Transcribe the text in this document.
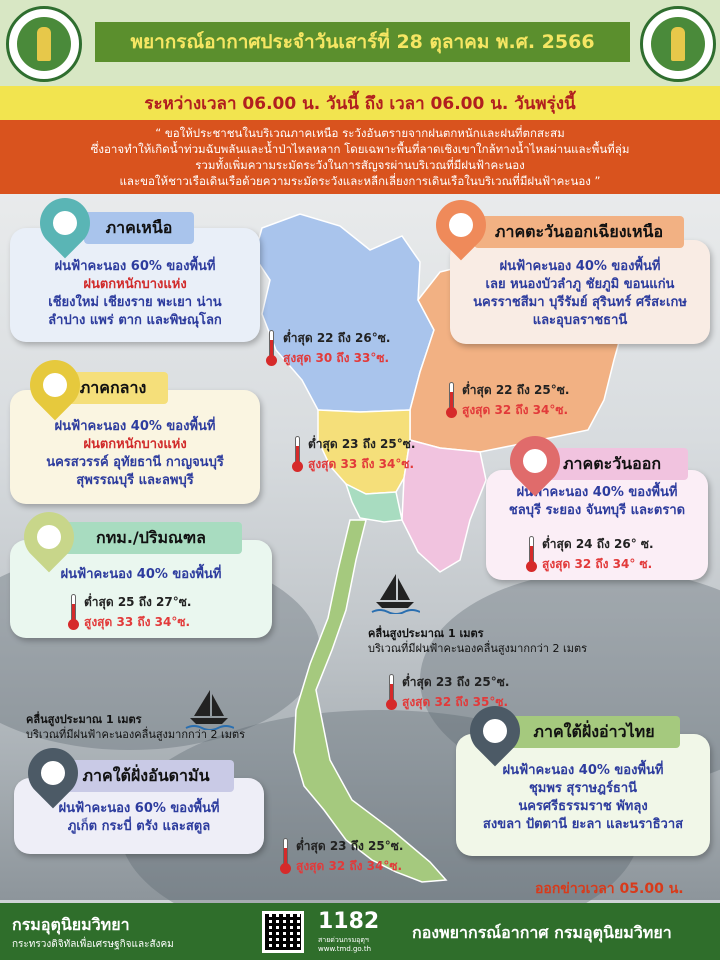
พยากรณ์อากาศประจำวันเสาร์ที่ 28 ตุลาคม พ.ศ. 2566
ระหว่างเวลา 06.00 น. วันนี้ ถึง เวลา 06.00 น. วันพรุ่งนี้
“ ขอให้ประชาชนในบริเวณภาคเหนือ ระวังอันตรายจากฝนตกหนักและฝนที่ตกสะสม
ซึ่งอาจทำให้เกิดน้ำท่วมฉับพลันและน้ำป่าไหลหลาก โดยเฉพาะพื้นที่ลาดเชิงเขาใกล้ทางน้ำไหลผ่านและพื้นที่ลุ่ม
รวมทั้งเพิ่มความระมัดระวังในการสัญจรผ่านบริเวณที่มีฝนฟ้าคะนอง
และขอให้ชาวเรือเดินเรือด้วยความระมัดระวังและหลีกเลี่ยงการเดินเรือในบริเวณที่มีฝนฟ้าคะนอง ”
ฝนฟ้าคะนอง 60% ของพื้นที่
ฝนตกหนักบางแห่ง
เชียงใหม่ เชียงราย พะเยา น่าน
ลำปาง แพร่ ตาก และพิษณุโลก
ภาคเหนือ
ต่ำสุด 22 ถึง 26°ซ.
สูงสุด 30 ถึง 33°ซ.
ฝนฟ้าคะนอง 40% ของพื้นที่
เลย หนองบัวลำภู ชัยภูมิ ขอนแก่น
นครราชสีมา บุรีรัมย์ สุรินทร์ ศรีสะเกษ
และอุบลราชธานี
ภาคตะวันออกเฉียงเหนือ
ต่ำสุด 22 ถึง 25°ซ.
สูงสุด 32 ถึง 34°ซ.
ฝนฟ้าคะนอง 40% ของพื้นที่
ฝนตกหนักบางแห่ง
นครสวรรค์ อุทัยธานี กาญจนบุรี
สุพรรณบุรี และลพบุรี
ภาคกลาง
ต่ำสุด 23 ถึง 25°ซ.
สูงสุด 33 ถึง 34°ซ.
ฝนฟ้าคะนอง 40% ของพื้นที่
ชลบุรี ระยอง จันทบุรี และตราด
ภาคตะวันออก
ต่ำสุด 24 ถึง 26° ซ.
สูงสุด 32 ถึง 34° ซ.
ฝนฟ้าคะนอง 40% ของพื้นที่
กทม./ปริมณฑล
ต่ำสุด 25 ถึง 27°ซ.
สูงสุด 33 ถึง 34°ซ.
คลื่นสูงประมาณ 1 เมตร
บริเวณที่มีฝนฟ้าคะนองคลื่นสูงมากกว่า 2 เมตร
ต่ำสุด 23 ถึง 25°ซ.
สูงสุด 32 ถึง 35°ซ.
คลื่นสูงประมาณ 1 เมตร
บริเวณที่มีฝนฟ้าคะนองคลื่นสูงมากกว่า 2 เมตร
ฝนฟ้าคะนอง 40% ของพื้นที่
ชุมพร สุราษฎร์ธานี
นครศรีธรรมราช พัทลุง
สงขลา ปัตตานี ยะลา และนราธิวาส
ภาคใต้ฝั่งอ่าวไทย
ฝนฟ้าคะนอง 60% ของพื้นที่
ภูเก็ต กระบี่ ตรัง และสตูล
ภาคใต้ฝั่งอันดามัน
ต่ำสุด 23 ถึง 25°ซ.
สูงสุด 32 ถึง 34°ซ.
ออกข่าวเวลา 05.00 น.
กรมอุตุนิยมวิทยา
กระทรวงดิจิทัลเพื่อเศรษฐกิจและสังคม
1182
สายด่วนกรมอุตุฯ
www.tmd.go.th
กองพยากรณ์อากาศ กรมอุตุนิยมวิทยา
